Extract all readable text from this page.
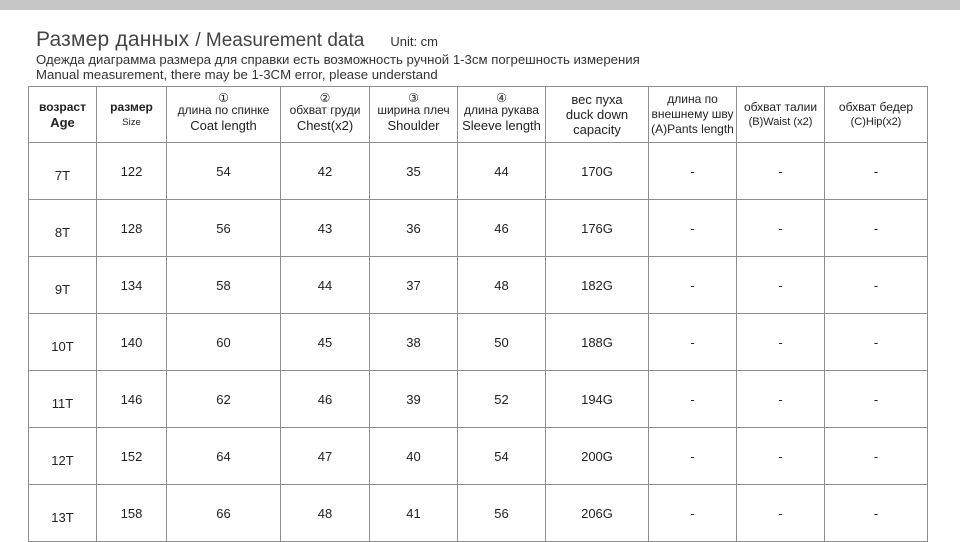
Размер данных / Measurement data Unit: cm
Одежда диаграмма размера для справки есть возможность ручной 1-3см погрешность измерения
Manual measurement, there may be 1-3CM error, please understand
возраст
Age	размер
Size	①
длина по спинке
Coat length	②
обхват груди
Chest(x2)	③
ширина плеч
Shoulder	④
длина рукава
Sleeve length	вес пуха
duck down
capacity	длина по
внешнему шву
(A)Pants length	обхват талии
(B)Waist (x2)	обхват бедер
(C)Hip(x2)

7T	122	54	42	35	44	170G	-	-	-
8T	128	56	43	36	46	176G	-	-	-
9T	134	58	44	37	48	182G	-	-	-
10T	140	60	45	38	50	188G	-	-	-
11T	146	62	46	39	52	194G	-	-	-
12T	152	64	47	40	54	200G	-	-	-
13T	158	66	48	41	56	206G	-	-	-
